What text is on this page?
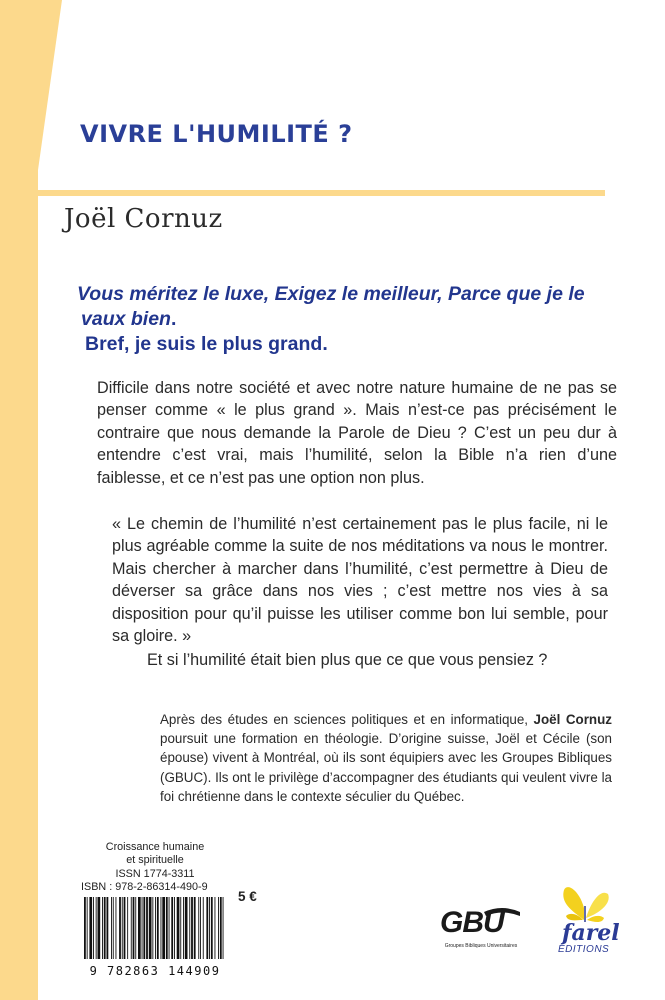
VIVRE L'HUMILITÉ ?
Joël Cornuz
Vous méritez le luxe, Exigez le meilleur, Parce que je le
vaux bien.
Bref, je suis le plus grand.

Difficile dans notre société et avec notre nature humaine de ne pas se penser comme « le plus grand ». Mais n’est-ce pas précisément le contraire que nous demande la Parole de Dieu ? C’est un peu dur à entendre c’est vrai, mais l’humilité, selon la Bible n’a rien d’une faiblesse, et ce n’est pas une option non plus.

« Le chemin de l’humilité n’est certainement pas le plus facile, ni le plus agréable comme la suite de nos méditations va nous le montrer. Mais chercher à marcher dans l’humilité, c’est permettre à Dieu de déverser sa grâce dans nos vies ; c’est mettre nos vies à sa disposition pour qu’il puisse les utiliser comme bon lui semble, pour sa gloire. »

Et si l’humilité était bien plus que ce que vous pensiez ?

Après des études en sciences politiques et en informatique, Joël Cornuz poursuit une formation en théologie. D’origine suisse, Joël et Cécile (son épouse) vivent à Montréal, où ils sont équipiers avec les Groupes Bibliques (GBUC). Ils ont le privilège d’accompagner des étudiants qui veulent vivre la foi chrétienne dans le contexte séculier du Québec.

Croissance humaine
et spirituelle
ISSN 1774-3311
ISBN : 978-2-86314-490-9
9 782863 144909
5 €
GBU
Groupes Bibliques Universitaires farel
EDITIONS
